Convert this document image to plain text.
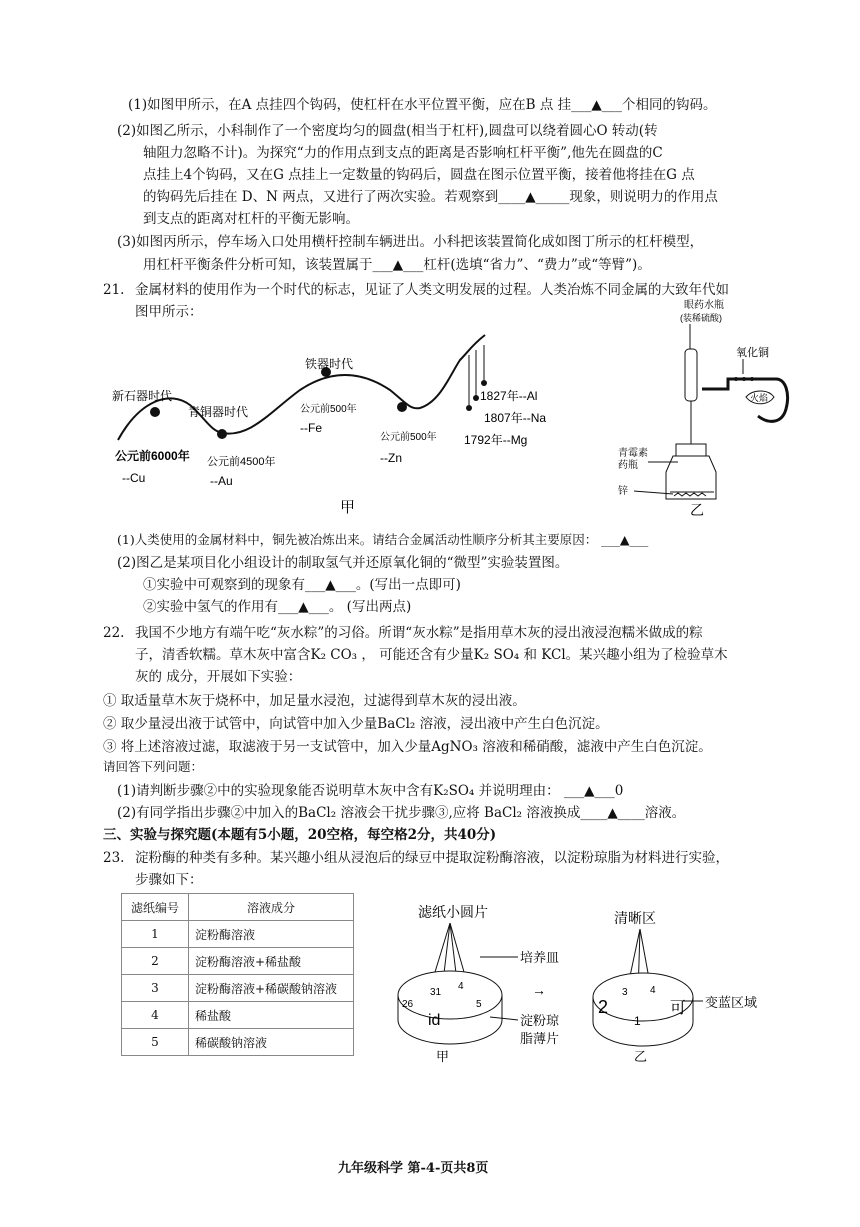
(1)如图甲所示，在A 点挂四个钩码，使杠杆在水平位置平衡，应在B 点 挂___▲___个相同的钩码。
(2)如图乙所示，小科制作了一个密度均匀的圆盘(相当于杠杆),圆盘可以绕着圆心O 转动(转
轴阻力忽略不计)。为探究“力的作用点到支点的距离是否影响杠杆平衡”,他先在圆盘的C
点挂上4个钩码，又在G 点挂上一定数量的钩码后，圆盘在图示位置平衡，接着他将挂在G 点
的钩码先后挂在 D、N 两点，又进行了两次实验。若观察到____▲_____现象，则说明力的作用点
到支点的距离对杠杆的平衡无影响。
(3)如图丙所示，停车场入口处用横杆控制车辆进出。小科把该装置简化成如图丁所示的杠杆模型，
用杠杆平衡条件分析可知，该装置属于___▲___杠杆(选填“省力”、“费力”或“等臂”)。
21. 金属材料的使用作为一个时代的标志，见证了人类文明发展的过程。人类冶炼不同金属的大致年代如
图甲所示：
新石器时代
青铜器时代
铁器时代
公元前6000年
--Cu
公元前4500年
--Au
公元前500年
--Fe
公元前500年
--Zn
1827年--Al
1807年--Na
1792年--Mg
甲
眼药水瓶
(装稀硫酸)
氧化铜
火焰
青霉素
药瓶
锌
乙
(1)人类使用的金属材料中，铜先被冶炼出来。请结合金属活动性顺序分析其主要原因： ___▲___
(2)图乙是某项目化小组设计的制取氢气并还原氧化铜的“微型”实验装置图。
①实验中可观察到的现象有___▲___。(写出一点即可)
②实验中氢气的作用有___▲___。 (写出两点)
22. 我国不少地方有端午吃“灰水粽”的习俗。所谓“灰水粽”是指用草木灰的浸出液浸泡糯米做成的粽
子，清香软糯。草木灰中富含K₂ CO₃ ， 可能还含有少量K₂ SO₄ 和 KCl。某兴趣小组为了检验草木
灰的 成分，开展如下实验：
① 取适量草木灰于烧杯中，加足量水浸泡，过滤得到草木灰的浸出液。
② 取少量浸出液于试管中，向试管中加入少量BaCl₂ 溶液，浸出液中产生白色沉淀。
③ 将上述溶液过滤，取滤液于另一支试管中，加入少量AgNO₃ 溶液和稀硝酸，滤液中产生白色沉淀。
请回答下列问题：
(1)请判断步骤②中的实验现象能否说明草木灰中含有K₂SO₄ 并说明理由： ___▲___0
(2)有同学指出步骤②中加入的BaCl₂ 溶液会干扰步骤③,应将 BaCl₂ 溶液换成____▲____溶液。
三、实验与探究题(本题有5小题，20空格，每空格2分，共40分)
23. 淀粉酶的种类有多种。某兴趣小组从浸泡后的绿豆中提取淀粉酶溶液，以淀粉琼脂为材料进行实验，
步骤如下：
滤纸编号	溶液成分
1	淀粉酶溶液
2	淀粉酶溶液+稀盐酸
3	淀粉酶溶液+稀碳酸钠溶液
4	稀盐酸
5	稀碳酸钠溶液
滤纸小圆片
26
31
4
5
id
培养皿
→
淀粉琼
脂薄片
甲
清晰区
2
3 4
1
可 变蓝区域
乙
九年级科学 第-4-页共8页
